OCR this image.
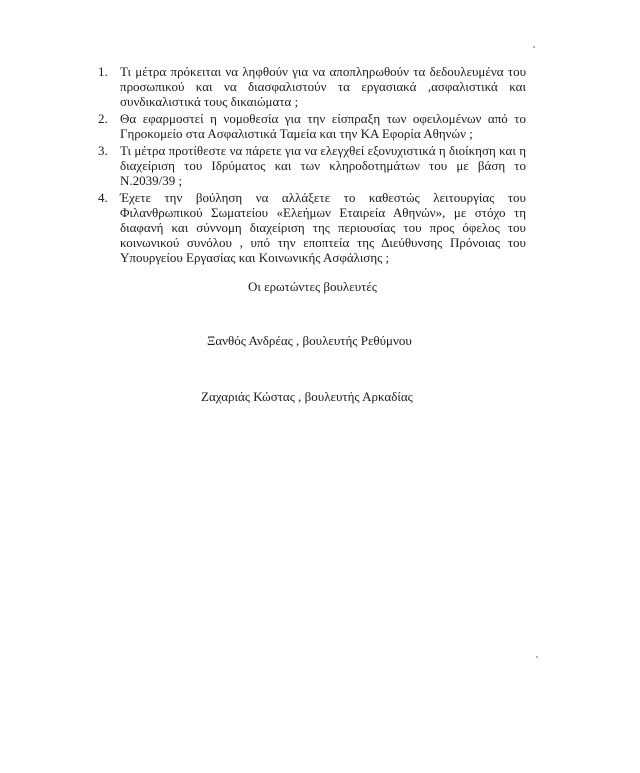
1. Τι μέτρα πρόκειται να ληφθούν για να αποπληρωθούν τα δεδουλευμένα του
προσωπικού και να διασφαλιστούν τα εργασιακά ,ασφαλιστικά και
συνδικαλιστικά τους δικαιώματα ;
2. Θα εφαρμοστεί η νομοθεσία για την είσπραξη των οφειλομένων από το
Γηροκομείο στα Ασφαλιστικά Ταμεία και την ΚΑ Εφορία Αθηνών ;
3. Τι μέτρα προτίθεστε να πάρετε για να ελεγχθεί εξονυχιστικά η διοίκηση και η
διαχείριση του Ιδρύματος και των κληροδοτημάτων του με βάση το
Ν.2039/39 ;
4. Έχετε την βούληση να αλλάξετε το καθεστώς λειτουργίας του
Φιλανθρωπικού Σωματείου «Ελεήμων Εταιρεία Αθηνών», με στόχο τη
διαφανή και σύννομη διαχείριση της περιουσίας του προς όφελος του
κοινωνικού συνόλου , υπό την εποπτεία της Διεύθυνσης Πρόνοιας του
Υπουργείου Εργασίας και Κοινωνικής Ασφάλισης ;
Οι ερωτώντες βουλευτές
Ξανθός Ανδρέας , βουλευτής Ρεθύμνου
Ζαχαριάς Κώστας , βουλευτής Αρκαδίας
